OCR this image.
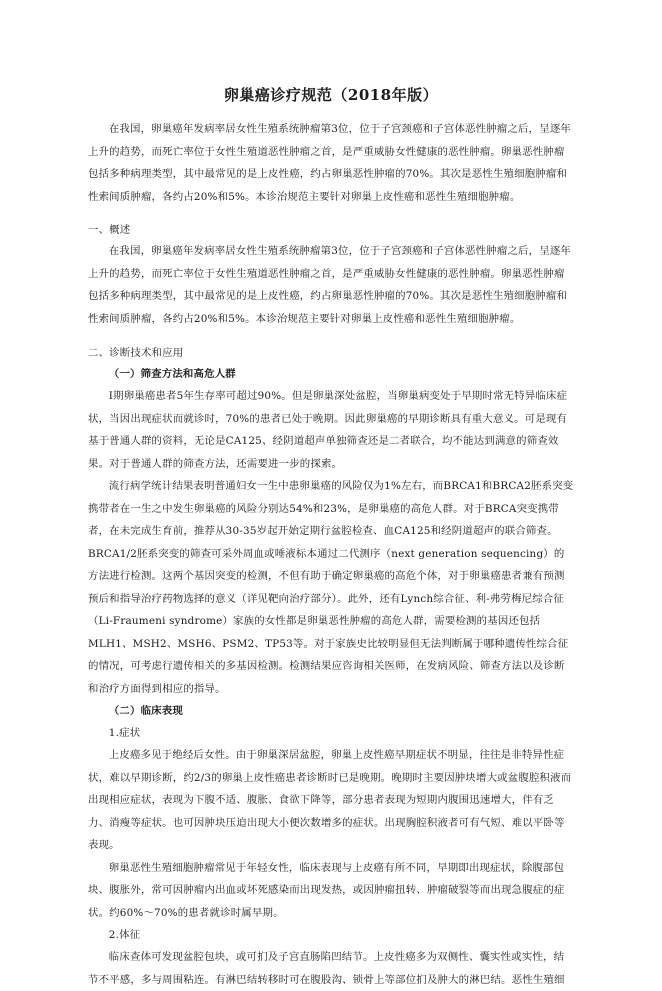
卵巢癌诊疗规范（2018年版）

在我国，卵巢癌年发病率居女性生殖系统肿瘤第3位，位于子宫颈癌和子宫体恶性肿瘤之后，呈逐年上升的趋势，而死亡率位于女性生殖道恶性肿瘤之首，是严重威胁女性健康的恶性肿瘤。卵巢恶性肿瘤包括多种病理类型，其中最常见的是上皮性癌，约占卵巢恶性肿瘤的70%。其次是恶性生殖细胞肿瘤和性索间质肿瘤，各约占20%和5%。本诊治规范主要针对卵巢上皮性癌和恶性生殖细胞肿瘤。

一、概述

在我国，卵巢癌年发病率居女性生殖系统肿瘤第3位，位于子宫颈癌和子宫体恶性肿瘤之后，呈逐年上升的趋势，而死亡率位于女性生殖道恶性肿瘤之首，是严重威胁女性健康的恶性肿瘤。卵巢恶性肿瘤包括多种病理类型，其中最常见的是上皮性癌，约占卵巢恶性肿瘤的70%。其次是恶性生殖细胞肿瘤和性索间质肿瘤，各约占20%和5%。本诊治规范主要针对卵巢上皮性癌和恶性生殖细胞肿瘤。

二、诊断技术和应用

（一）筛查方法和高危人群

I期卵巢癌患者5年生存率可超过90%。但是卵巢深处盆腔，当卵巢病变处于早期时常无特异临床症状，当因出现症状而就诊时，70%的患者已处于晚期。因此卵巢癌的早期诊断具有重大意义。可是现有基于普通人群的资料，无论是CA125、经阴道超声单独筛查还是二者联合，均不能达到满意的筛查效果。对于普通人群的筛查方法，还需要进一步的探索。

流行病学统计结果表明普通妇女一生中患卵巢癌的风险仅为1%左右，而BRCA1和BRCA2胚系突变携带者在一生之中发生卵巢癌的风险分别达54%和23%，是卵巢癌的高危人群。对于BRCA突变携带者，在未完成生育前，推荐从30-35岁起开始定期行盆腔检查、血CA125和经阴道超声的联合筛查。BRCA1/2胚系突变的筛查可采外周血或唾液标本通过二代测序（next generation sequencing）的方法进行检测。这两个基因突变的检测，不但有助于确定卵巢癌的高危个体，对于卵巢癌患者兼有预测预后和指导治疗药物选择的意义（详见靶向治疗部分）。此外，还有Lynch综合征、利-弗劳梅尼综合征（Li-Fraumeni syndrome）家族的女性都是卵巢恶性肿瘤的高危人群，需要检测的基因还包括MLH1、MSH2、MSH6、PSM2、TP53等。对于家族史比较明显但无法判断属于哪种遗传性综合征的情况，可考虑行遗传相关的多基因检测。检测结果应咨询相关医师，在发病风险、筛查方法以及诊断和治疗方面得到相应的指导。

（二）临床表现

1.症状

上皮癌多见于绝经后女性。由于卵巢深居盆腔，卵巢上皮性癌早期症状不明显，往往是非特异性症状，难以早期诊断，约2/3的卵巢上皮性癌患者诊断时已是晚期。晚期时主要因肿块增大或盆腹腔积液而出现相应症状，表现为下腹不适、腹胀、食欲下降等，部分患者表现为短期内腹围迅速增大，伴有乏力、消瘦等症状。也可因肿块压迫出现大小便次数增多的症状。出现胸腔积液者可有气短、难以平卧等表现。

卵巢恶性生殖细胞肿瘤常见于年轻女性，临床表现与上皮癌有所不同，早期即出现症状，除腹部包块、腹胀外，常可因肿瘤内出血或坏死感染而出现发热，或因肿瘤扭转、肿瘤破裂等而出现急腹症的症状。约60%～70%的患者就诊时属早期。

2.体征

临床查体可发现盆腔包块，或可扪及子宫直肠陷凹结节。上皮性癌多为双侧性、囊实性或实性，结节不平感，多与周围粘连。有淋巴结转移时可在腹股沟、锁骨上等部位扪及肿大的淋巴结。恶性生殖细
